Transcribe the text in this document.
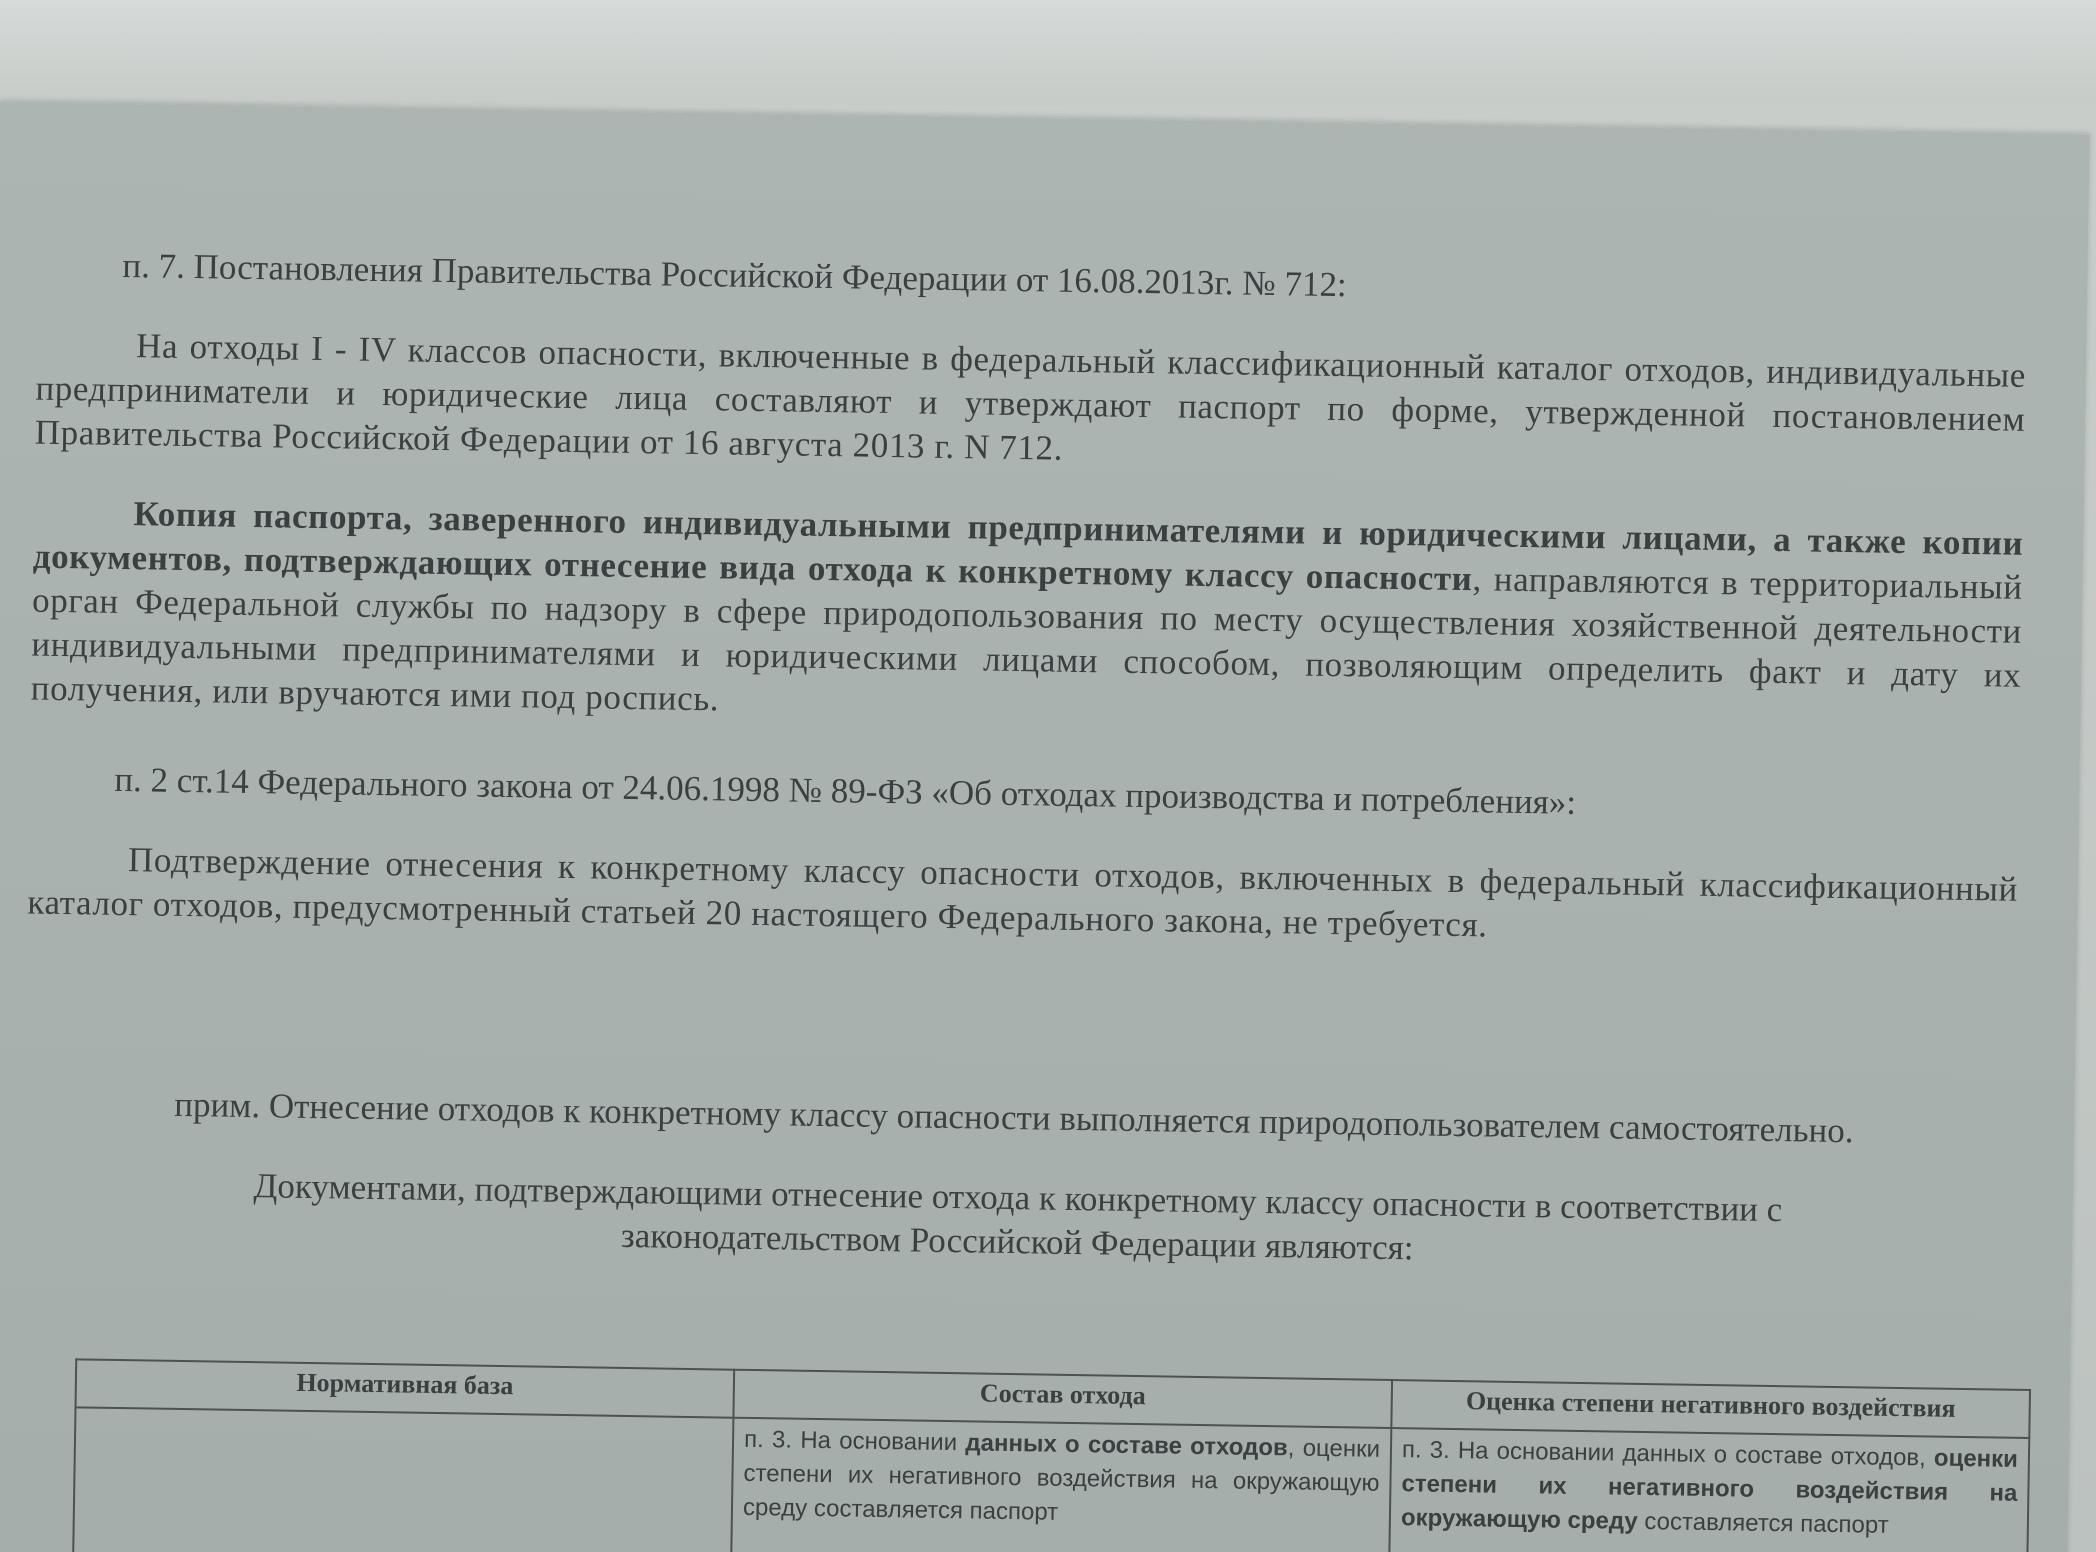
п. 7. Постановления Правительства Российской Федерации от 16.08.2013г. № 712:

На отходы I - IV классов опасности, включенные в федеральный классификационный каталог отходов, индивидуальные предприниматели и юридические лица составляют и утверждают паспорт по форме, утвержденной постановлением Правительства Российской Федерации от 16 августа 2013 г. N 712.

Копия паспорта, заверенного индивидуальными предпринимателями и юридическими лицами, а также копии документов, подтверждающих отнесение вида отхода к конкретному классу опасности, направляются в территориальный орган Федеральной службы по надзору в сфере природопользования по месту осуществления хозяйственной деятельности индивидуальными предпринимателями и юридическими лицами способом, позволяющим определить факт и дату их получения, или вручаются ими под роспись.

п. 2 ст.14 Федерального закона от 24.06.1998 № 89-ФЗ «Об отходах производства и потребления»:

Подтверждение отнесения к конкретному классу опасности отходов, включенных в федеральный классификационный каталог отходов, предусмотренный статьей 20 настоящего Федерального закона, не требуется.

прим. Отнесение отходов к конкретному классу опасности выполняется природопользователем самостоятельно.

Документами, подтверждающими отнесение отхода к конкретному классу опасности в соответствии с

законодательством Российской Федерации являются:

Нормативная база	Состав отхода	Оценка степени негативного воздействия
	п. 3. На основании данных о составе отходов, оценки степени их негативного воздействия на окружающую среду составляется паспорт	п. 3. На основании данных о составе отходов, оценки степени их негативного воздействия на окружающую среду составляется паспорт
